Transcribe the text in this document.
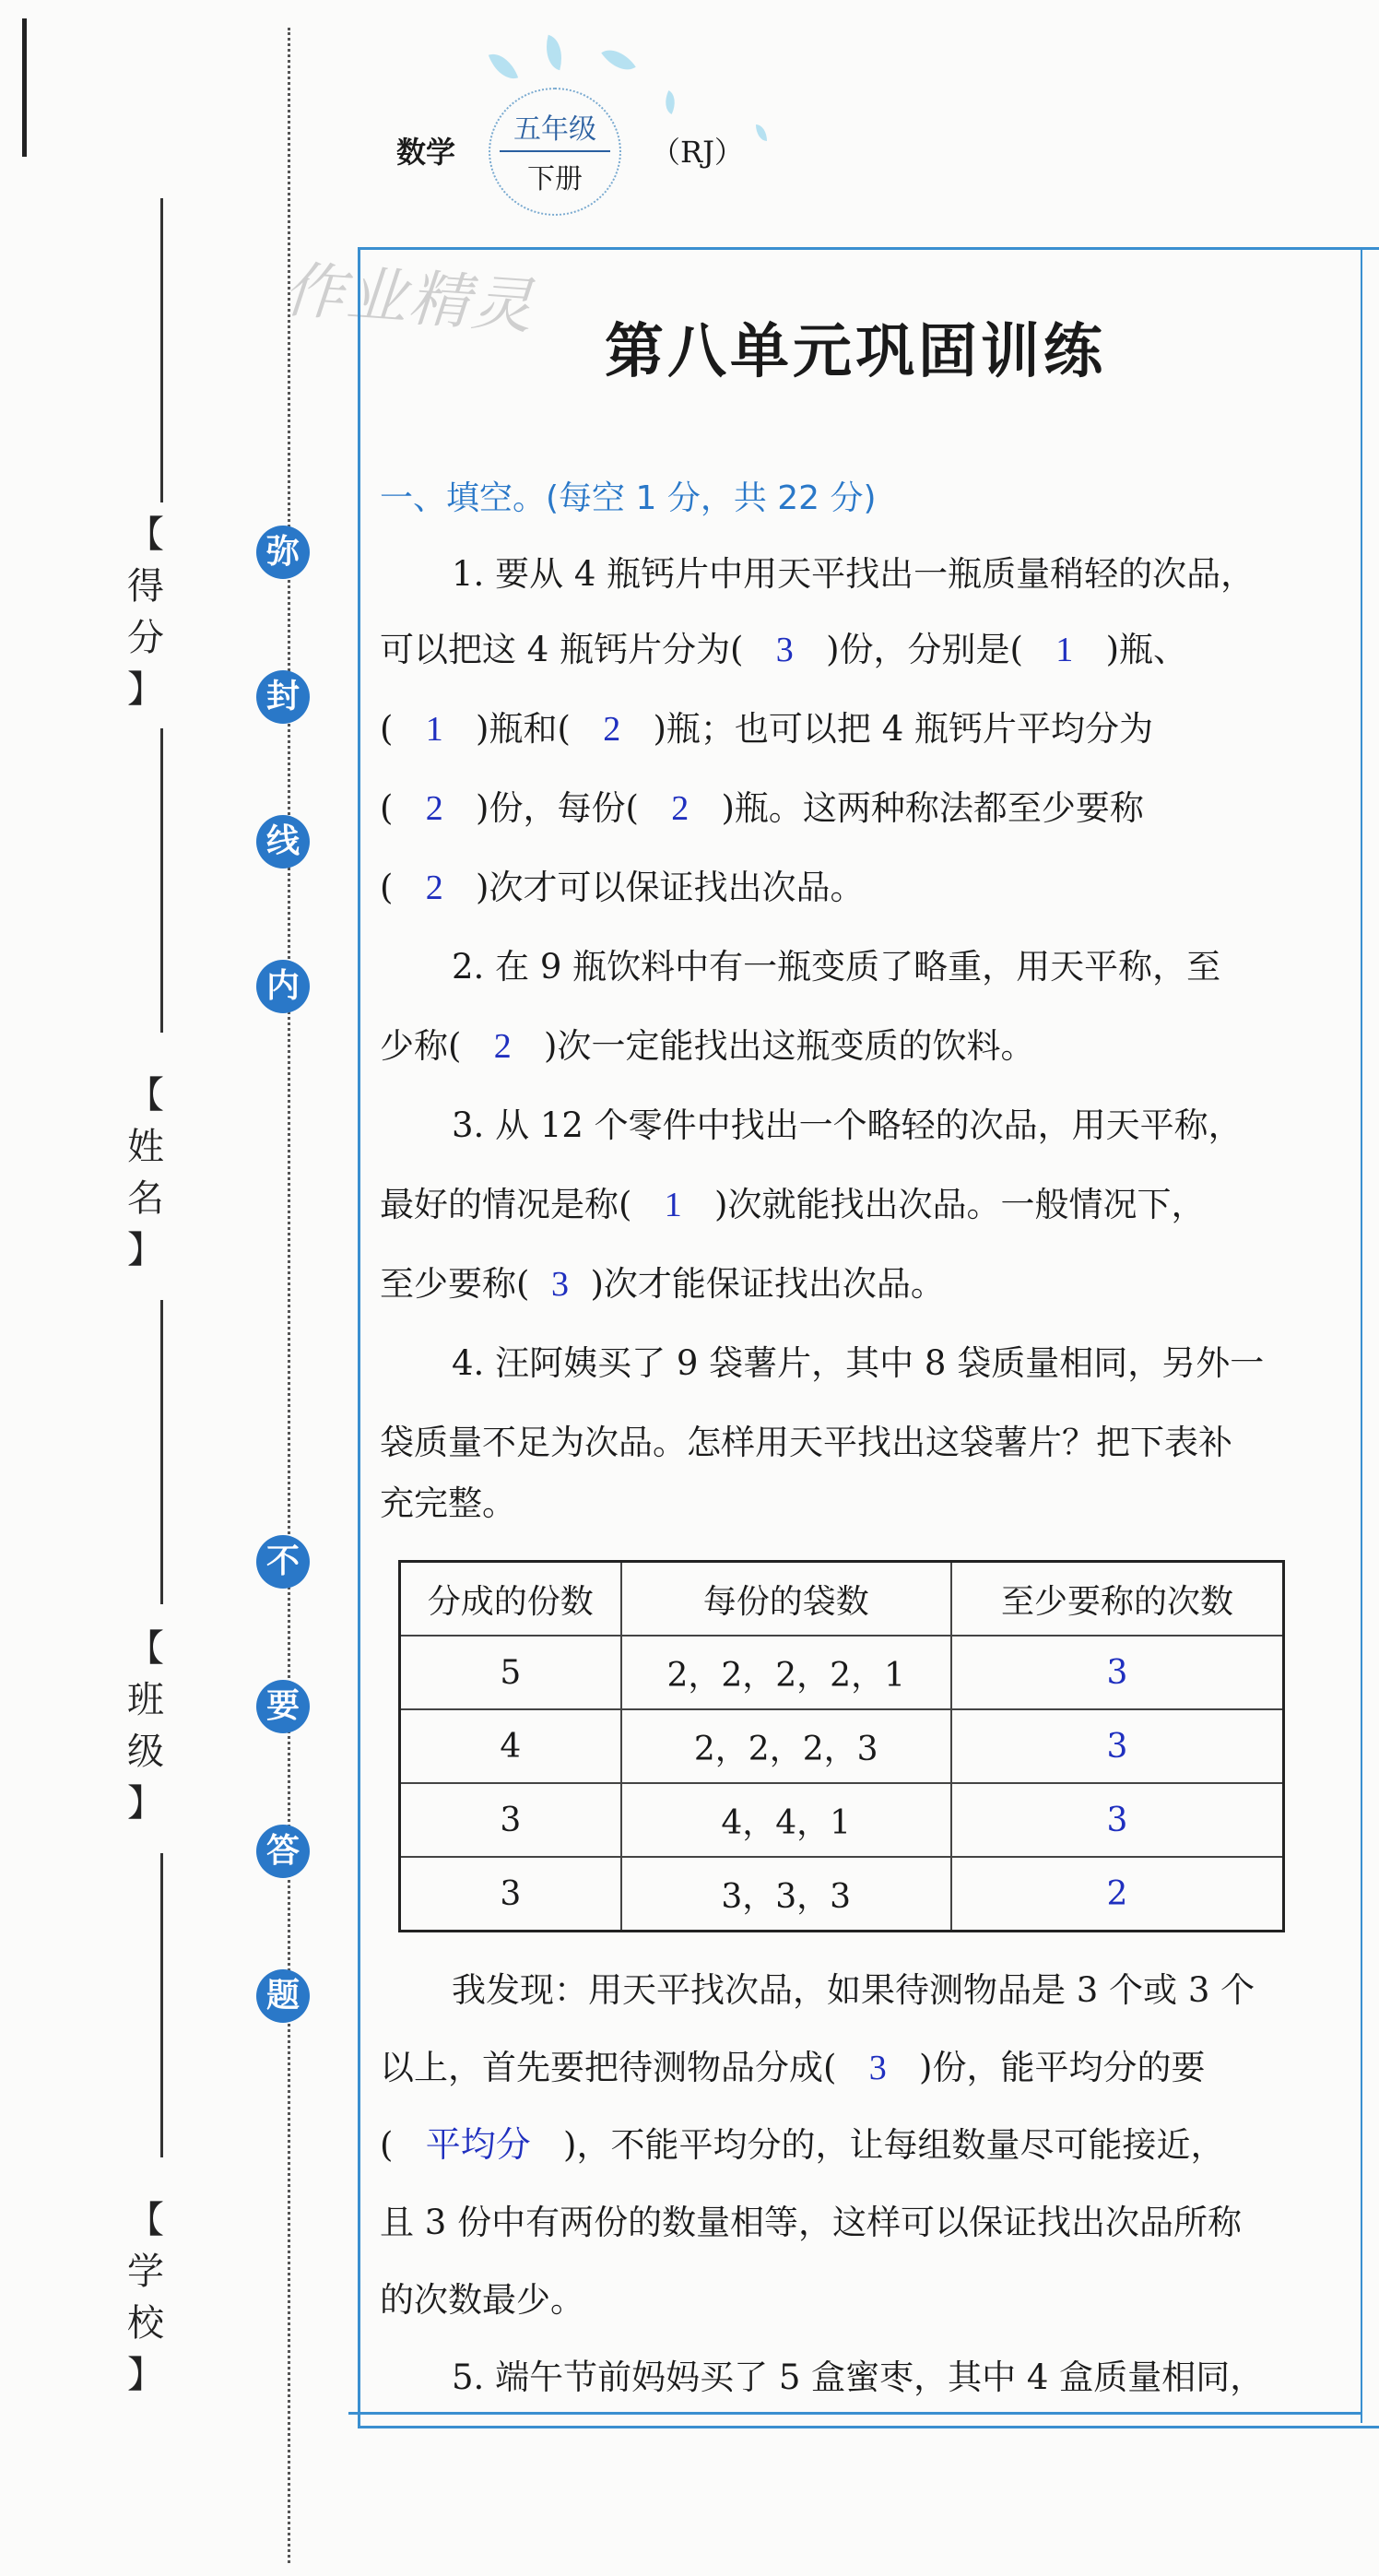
【 得 分 】
【 姓 名 】
【 班 级 】
【 学 校 】
弥
封
线
内
不
要
答
题
数学
五年级
下册
（RJ）
作业精灵
第八单元巩固训练
一、填空。(每空 1 分，共 22 分)
1. 要从 4 瓶钙片中用天平找出一瓶质量稍轻的次品，
可以把这 4 瓶钙片分为( 3 )份，分别是( 1 )瓶、
( 1 )瓶和( 2 )瓶；也可以把 4 瓶钙片平均分为
( 2 )份，每份( 2 )瓶。这两种称法都至少要称
( 2 )次才可以保证找出次品。
2. 在 9 瓶饮料中有一瓶变质了略重，用天平称，至
少称( 2 )次一定能找出这瓶变质的饮料。
3. 从 12 个零件中找出一个略轻的次品，用天平称，
最好的情况是称( 1 )次就能找出次品。一般情况下，
至少要称( 3 )次才能保证找出次品。
4. 汪阿姨买了 9 袋薯片，其中 8 袋质量相同，另外一
袋质量不足为次品。怎样用天平找出这袋薯片？把下表补
充完整。
分成的份数	每份的袋数	至少要称的次数
5	2，2，2，2，1	3
4	2，2，2，3	3
3	4，4，1	3
3	3，3，3	2
我发现：用天平找次品，如果待测物品是 3 个或 3 个
以上，首先要把待测物品分成( 3 )份，能平均分的要
( 平均分 )，不能平均分的，让每组数量尽可能接近，
且 3 份中有两份的数量相等，这样可以保证找出次品所称
的次数最少。
5. 端午节前妈妈买了 5 盒蜜枣，其中 4 盒质量相同，
